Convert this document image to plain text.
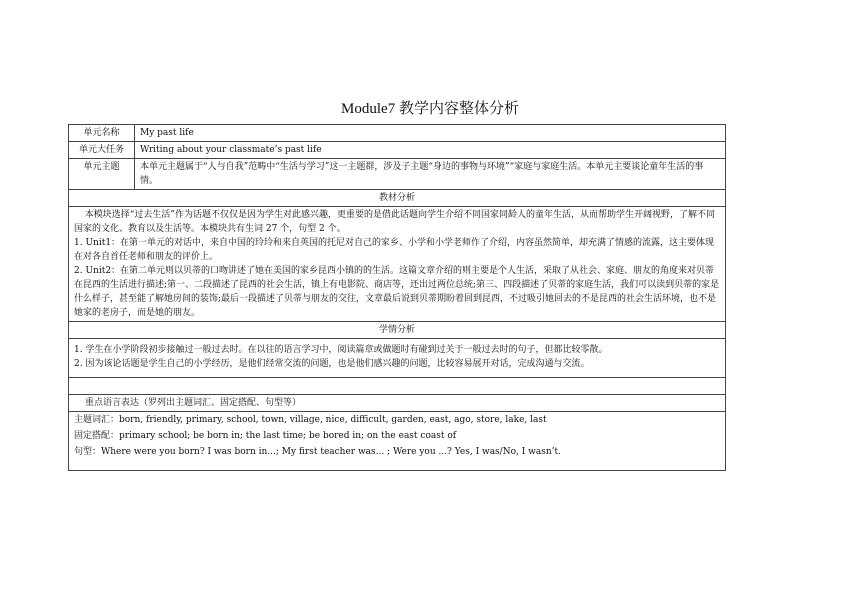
Module7 教学内容整体分析
单元名称	My past life
单元大任务	Writing about your classmate’s past life
单元主题	本单元主题属于“人与自我”范畴中“生活与学习”这一主题群，涉及子主题“身边的事物与环境”“家庭与家庭生活。本单元主要谈论童年生活的事情。
教材分析	

本模块选择“过去生活”作为话题不仅仅是因为学生对此感兴趣，更重要的是借此话题向学生介绍不同国家同龄人的童年生活，从而帮助学生开阔视野，了解不同国家的文化、教育以及生活等。本模块共有生词 27 个，句型 2 个。
1. Unit1：在第一单元的对话中，来自中国的玲玲和来自英国的托尼对自己的家乡、小学和小学老师作了介绍，内容虽然简单，却充满了情感的流露，这主要体现在对各自首任老师和朋友的评价上。
2. Unit2：在第二单元则以贝蒂的口吻讲述了她在美国的家乡昆西小镇的的生活。这篇文章介绍的则主要是个人生活，采取了从社会、家庭、朋友的角度来对贝蒂在昆西的生活进行描述;第一、二段描述了昆西的社会生活，镇上有电影院、商店等，还出过两位总统;第三、四段描述了贝蒂的家庭生活，我们可以读到贝蒂的家是什么样子，甚至能了解她房间的装饰;最后一段描述了贝蒂与朋友的交往，文章最后说到贝蒂期盼着回到昆西，不过吸引她回去的不是昆西的社会生活环境，也不是她家的老房子，而是她的朋友。	

学情分析	

1. 学生在小学阶段初步接触过一般过去时。在以往的语言学习中，阅读篇章或做题时有碰到过关于一般过去时的句子，但都比较零散。
2. 因为该论话题是学生自己的小学经历，是他们经常交流的问题，也是他们感兴趣的问题，比较容易展开对话，完成沟通与交流。	

重点语言表达（罗列出主题词汇、固定搭配、句型等）	

主题词汇：born, friendly, primary, school, town, village, nice, difficult, garden, east, ago, store, lake, last
固定搭配：primary school; be born in; the last time; be bored in; on the east coast of
句型：Where were you born? I was born in...; My first teacher was... ; Were you ...? Yes, I was/No, I wasn’t.	
